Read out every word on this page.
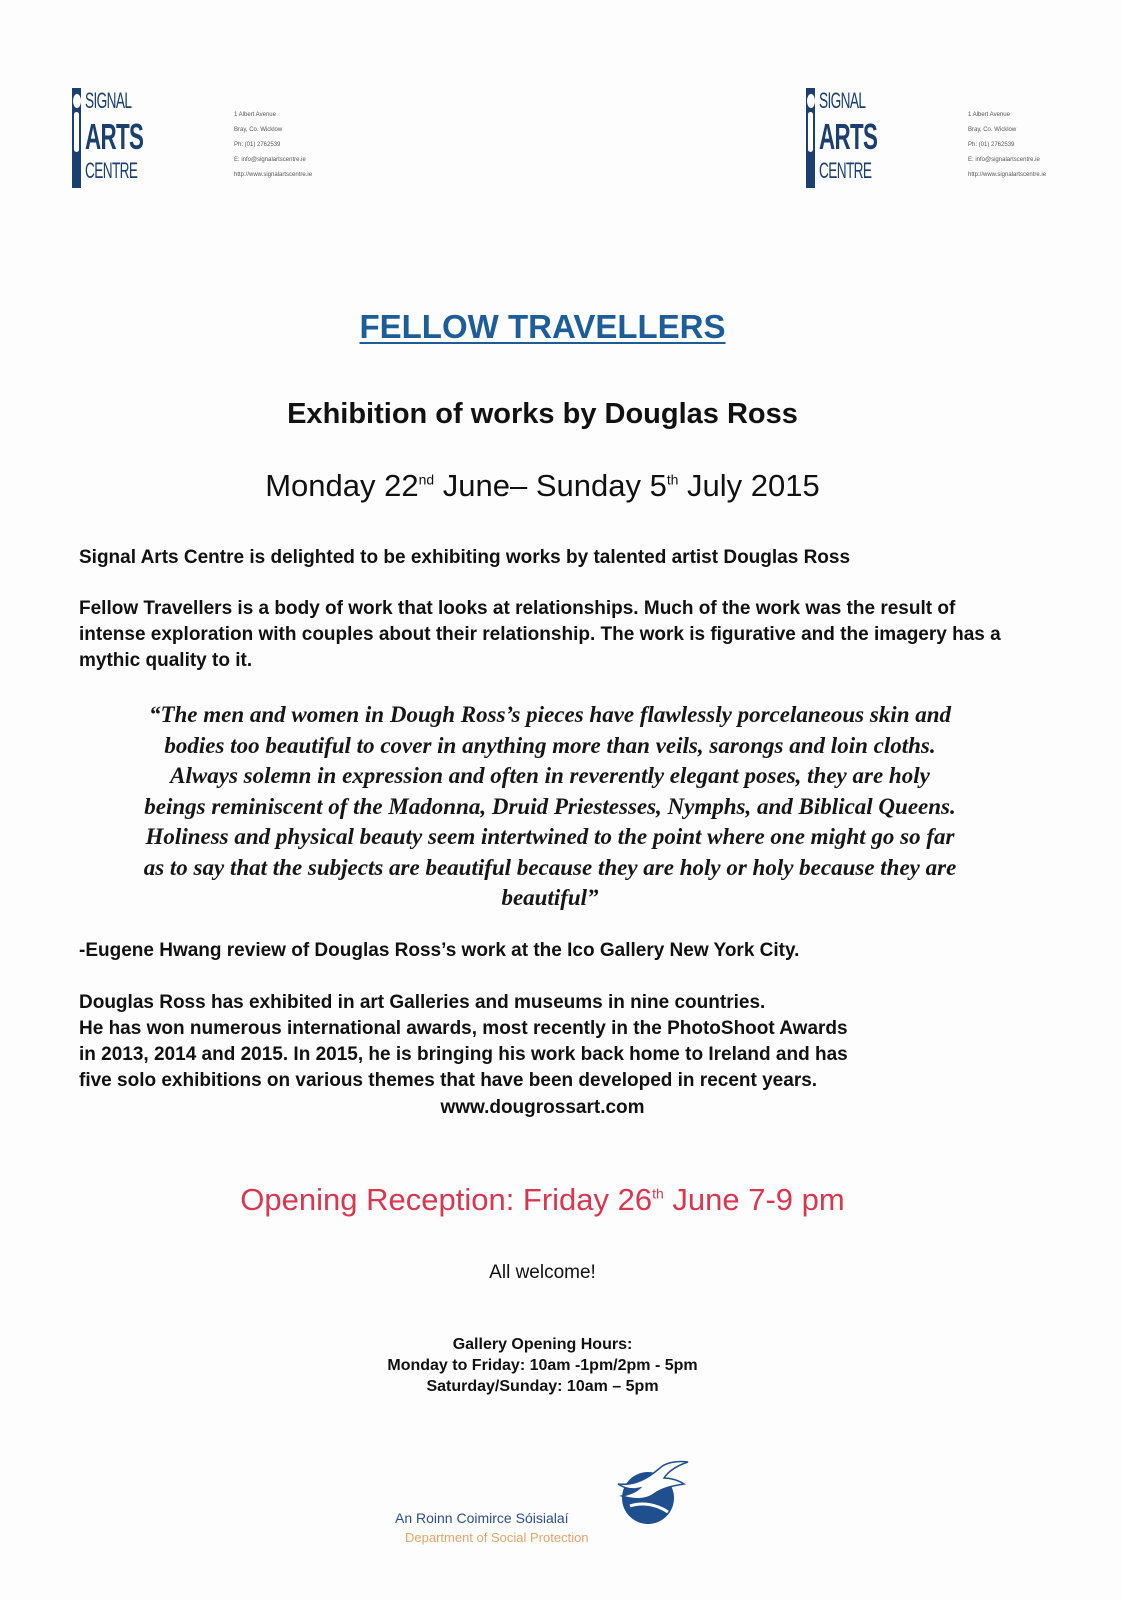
SIGNAL
ARTS
CENTRE
1 Albert Avenue
Bray, Co. Wicklow
Ph: (01) 2762539
E: info@signalartscentre.ie
http://www.signalartscentre.ie
SIGNAL
ARTS
CENTRE
1 Albert Avenue
Bray, Co. Wicklow
Ph: (01) 2762539
E: info@signalartscentre.ie
http://www.signalartscentre.ie
FELLOW TRAVELLERS
Exhibition of works by Douglas Ross
Monday 22nd June– Sunday 5th July 2015

Signal Arts Centre is delighted to be exhibiting works by talented artist Douglas Ross

Fellow Travellers is a body of work that looks at relationships. Much of the work was the result of intense exploration with couples about their relationship. The work is figurative and the imagery has a mythic quality to it.

“The men and women in Dough Ross’s pieces have flawlessly porcelaneous skin and
bodies too beautiful to cover in anything more than veils, sarongs and loin cloths.
Always solemn in expression and often in reverently elegant poses, they are holy
beings reminiscent of the Madonna, Druid Priestesses, Nymphs, and Biblical Queens.
Holiness and physical beauty seem intertwined to the point where one might go so far
as to say that the subjects are beautiful because they are holy or holy because they are
beautiful”

-Eugene Hwang review of Douglas Ross’s work at the Ico Gallery New York City.

Douglas Ross has exhibited in art Galleries and museums in nine countries.
He has won numerous international awards, most recently in the PhotoShoot Awards
in 2013, 2014 and 2015. In 2015, he is bringing his work back home to Ireland and has
five solo exhibitions on various themes that have been developed in recent years.
www.dougrossart.com
Opening Reception: Friday 26th June 7-9 pm
All welcome!
Gallery Opening Hours:
Monday to Friday: 10am -1pm/2pm - 5pm
Saturday/Sunday: 10am – 5pm
An Roinn Coimirce Sóisialaí
Department of Social Protection
